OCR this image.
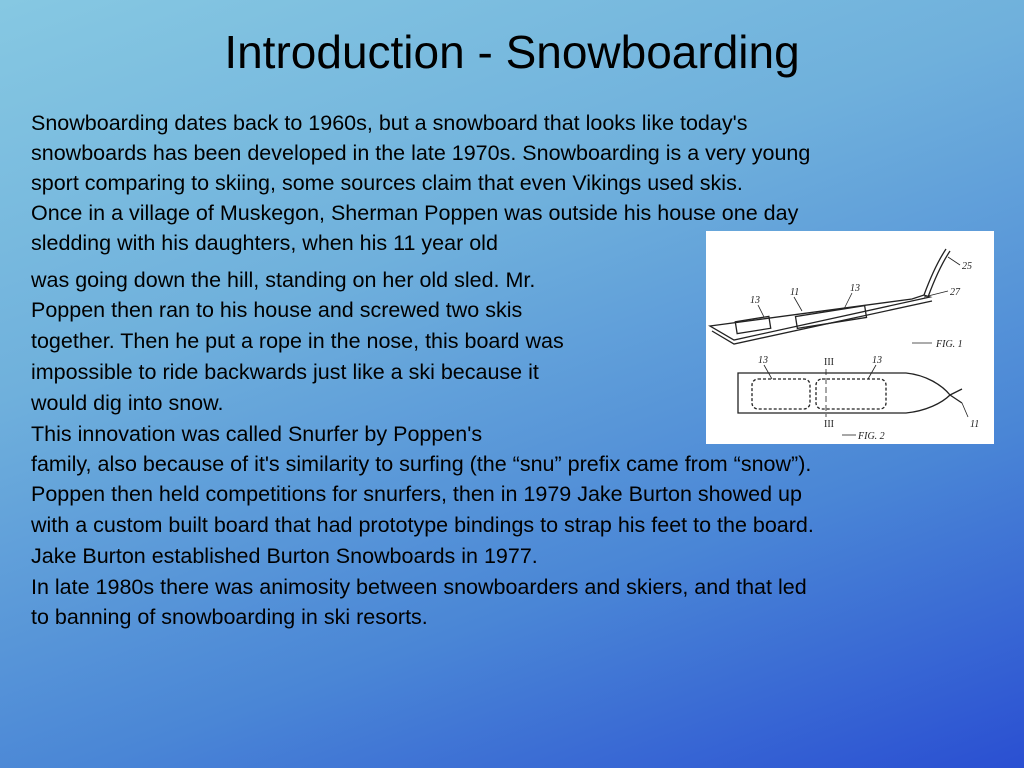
Introduction - Snowboarding

Snowboarding dates back to 1960s, but a snowboard that looks like today's

snowboards has been developed in the late 1970s. Snowboarding is a very young

sport comparing to skiing, some sources claim that even Vikings used skis.

Once in a village of Muskegon, Sherman Poppen was outside his house one day

sledding with his daughters, when his 11 year old

was going down the hill, standing on her old sled. Mr.

Poppen then ran to his house and screwed two skis

together. Then he put a rope in the nose, this board was

impossible to ride backwards just like a ski because it

would dig into snow.

This innovation was called Snurfer by Poppen's

family, also because of it's similarity to surfing (the “snu” prefix came from “snow”).

Poppen then held competitions for snurfers, then in 1979 Jake Burton showed up

with a custom built board that had prototype bindings to strap his feet to the board.

Jake Burton established Burton Snowboards in 1977.

In late 1980s there was animosity between snowboarders and skiers, and that led

to banning of snowboarding in ski resorts.

25
27
13
11	13
FIG. 1
13	III	13
III	11
FIG. 2
